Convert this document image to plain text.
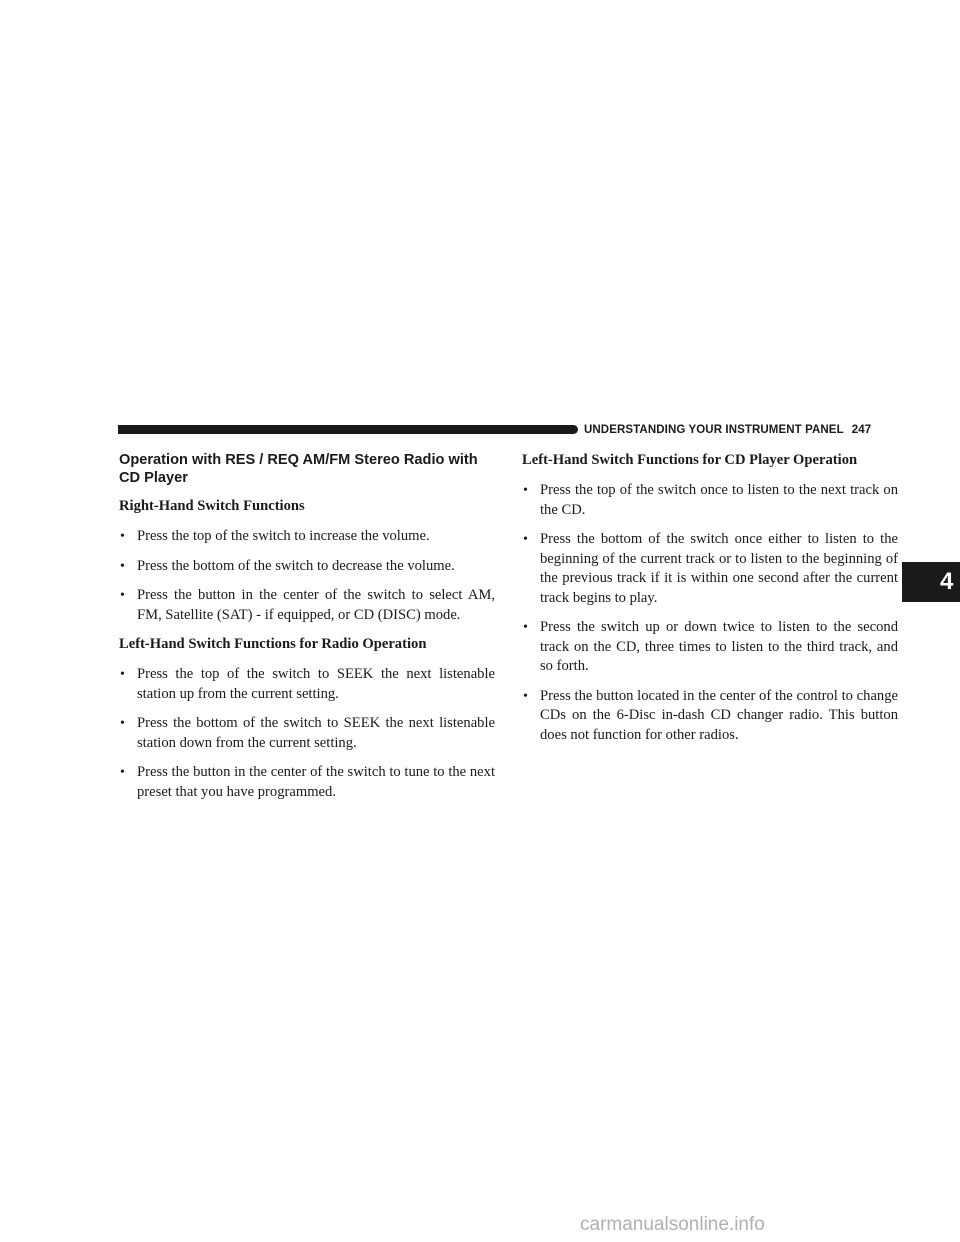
UNDERSTANDING YOUR INSTRUMENT PANEL 247
4
Operation with RES / REQ AM/FM Stereo Radio with CD Player
Right-Hand Switch Functions
• Press the top of the switch to increase the volume.
• Press the bottom of the switch to decrease the volume.
• Press the button in the center of the switch to select AM, FM, Satellite (SAT) - if equipped, or CD (DISC) mode.
Left-Hand Switch Functions for Radio Operation
• Press the top of the switch to SEEK the next listenable station up from the current setting.
• Press the bottom of the switch to SEEK the next listenable station down from the current setting.
• Press the button in the center of the switch to tune to the next preset that you have programmed.
Left-Hand Switch Functions for CD Player Operation
• Press the top of the switch once to listen to the next track on the CD.
• Press the bottom of the switch once either to listen to the beginning of the current track or to listen to the beginning of the previous track if it is within one second after the current track begins to play.
• Press the switch up or down twice to listen to the second track on the CD, three times to listen to the third track, and so forth.
• Press the button located in the center of the control to change CDs on the 6-Disc in-dash CD changer radio. This button does not function for other radios.
carmanualsonline.info
